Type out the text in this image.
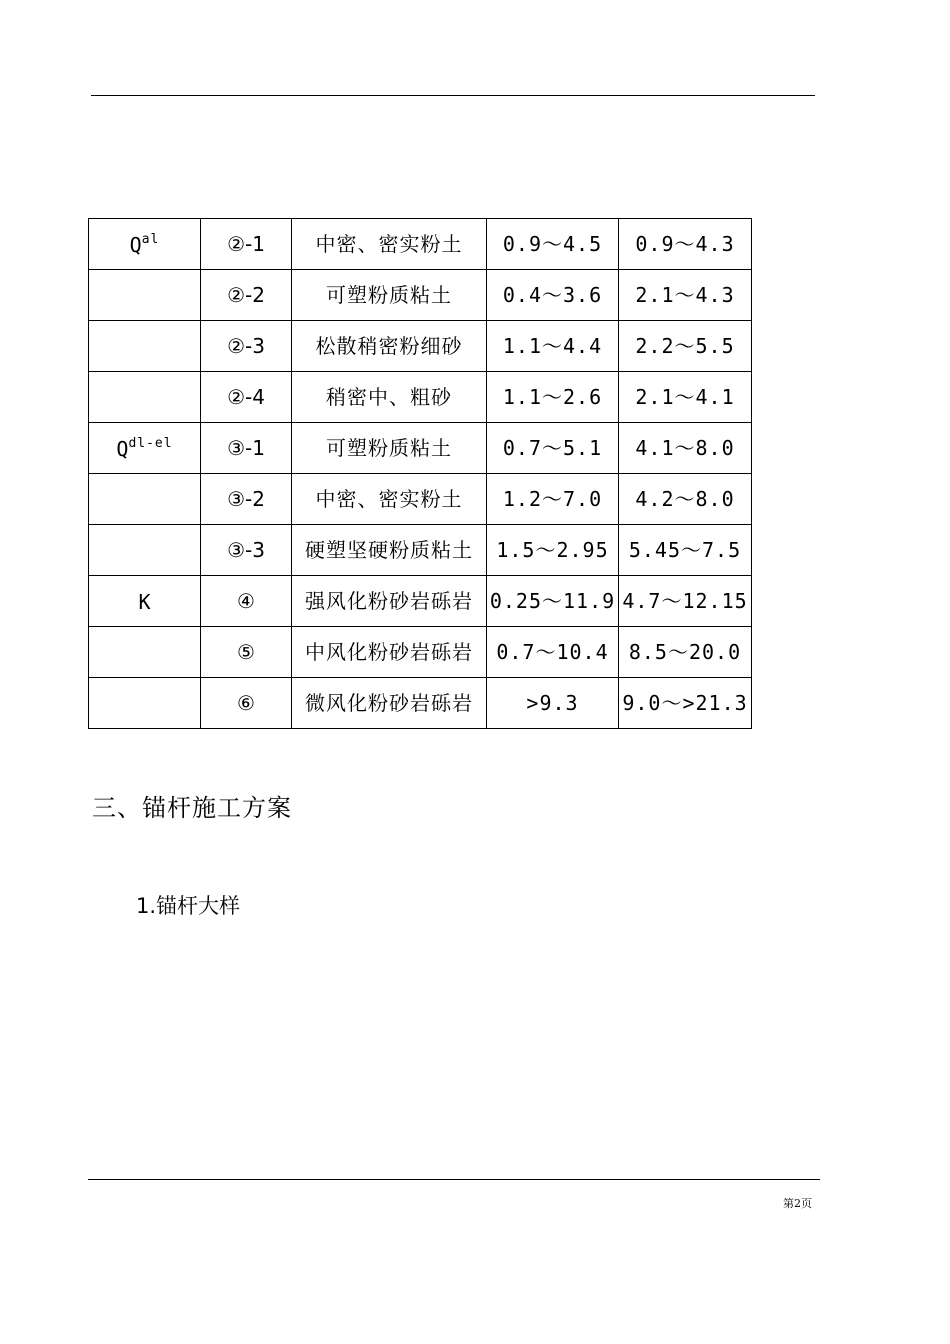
$Q^{al}$	②-1	中密、密实粉土	0.9～4.5	0.9～4.3
	②-2	可塑粉质粘土	0.4～3.6	2.1～4.3
	②-3	松散稍密粉细砂	1.1～4.4	2.2～5.5
	②-4	稍密中、粗砂	1.1～2.6	2.1～4.1
$Q^{dl-el}$	③-1	可塑粉质粘土	0.7～5.1	4.1～8.0
	③-2	中密、密实粉土	1.2～7.0	4.2～8.0
	③-3	硬塑坚硬粉质粘土	1.5～2.95	5.45～7.5
K	④	强风化粉砂岩砾岩	0.25～11.9	4.7～12.15
	⑤	中风化粉砂岩砾岩	0.7～10.4	8.5～20.0
	⑥	微风化粉砂岩砾岩	>9.3	9.0～>21.3
三、锚杆施工方案
1.锚杆大样
第2页
